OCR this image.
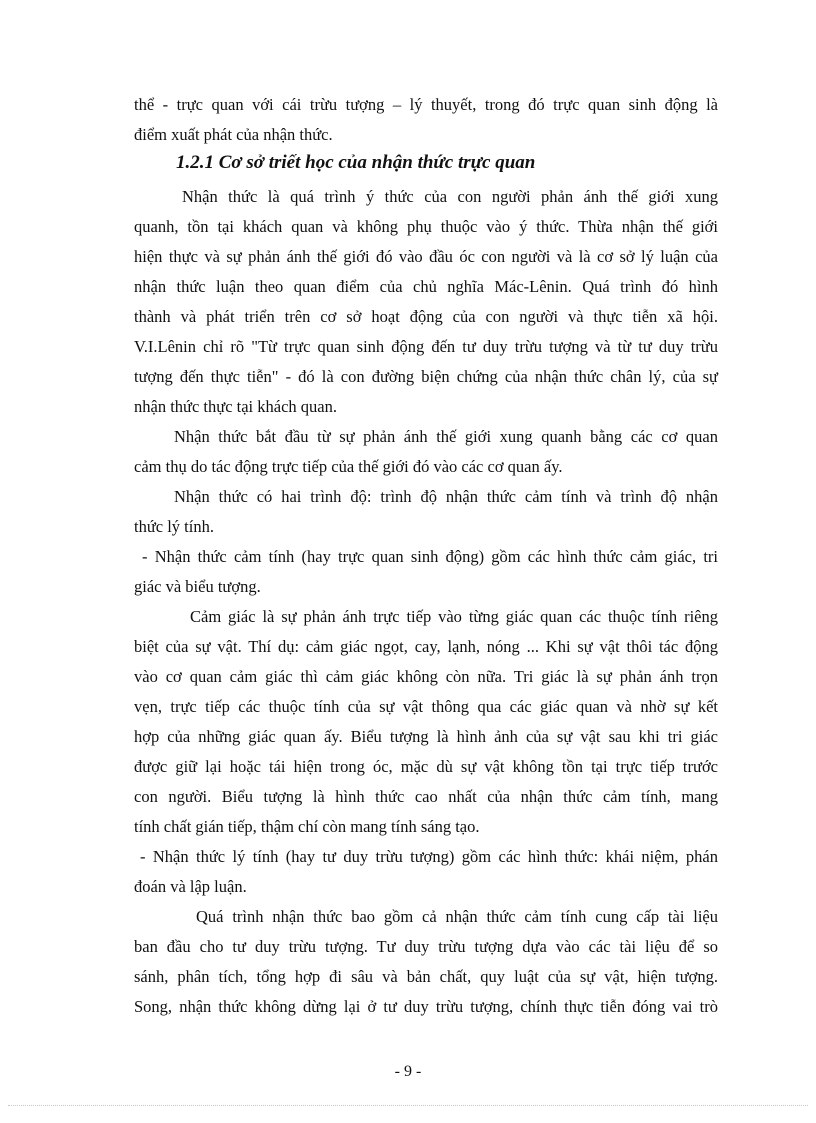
thể - trực quan với cái trừu tượng – lý thuyết, trong đó trực quan sinh động là

điểm xuất phát của nhận thức.

1.2.1 Cơ sở triết học của nhận thức trực quan

Nhận thức là quá trình ý thức của con người phản ánh thế giới xung

quanh, tồn tại khách quan và không phụ thuộc vào ý thức. Thừa nhận thế giới

hiện thực và sự phản ánh thế giới đó vào đầu óc con người và là cơ sở lý luận của

nhận thức luận theo quan điểm của chủ nghĩa Mác-Lênin. Quá trình đó hình

thành và phát triển trên cơ sở hoạt động của con người và thực tiễn xã hội.

V.I.Lênin chỉ rõ "Từ trực quan sinh động đến tư duy trừu tượng và từ tư duy trừu

tượng đến thực tiễn" - đó là con đường biện chứng của nhận thức chân lý, của sự

nhận thức thực tại khách quan.

Nhận thức bắt đầu từ sự phản ánh thế giới xung quanh bằng các cơ quan

cảm thụ do tác động trực tiếp của thế giới đó vào các cơ quan ấy.

Nhận thức có hai trình độ: trình độ nhận thức cảm tính và trình độ nhận

thức lý tính.

- Nhận thức cảm tính (hay trực quan sinh động) gồm các hình thức cảm giác, tri

giác và biểu tượng.

Cảm giác là sự phản ánh trực tiếp vào từng giác quan các thuộc tính riêng

biệt của sự vật. Thí dụ: cảm giác ngọt, cay, lạnh, nóng ... Khi sự vật thôi tác động

vào cơ quan cảm giác thì cảm giác không còn nữa. Tri giác là sự phản ánh trọn

vẹn, trực tiếp các thuộc tính của sự vật thông qua các giác quan và nhờ sự kết

hợp của những giác quan ấy. Biểu tượng là hình ảnh của sự vật sau khi tri giác

được giữ lại hoặc tái hiện trong óc, mặc dù sự vật không tồn tại trực tiếp trước

con người. Biểu tượng là hình thức cao nhất của nhận thức cảm tính, mang

tính chất gián tiếp, thậm chí còn mang tính sáng tạo.

- Nhận thức lý tính (hay tư duy trừu tượng) gồm các hình thức: khái niệm, phán

đoán và lập luận.

Quá trình nhận thức bao gồm cả nhận thức cảm tính cung cấp tài liệu

ban đầu cho tư duy trừu tượng. Tư duy trừu tượng dựa vào các tài liệu để so

sánh, phân tích, tổng hợp đi sâu và bản chất, quy luật của sự vật, hiện tượng.

Song, nhận thức không dừng lại ở tư duy trừu tượng, chính thực tiễn đóng vai trò

- 9 -
